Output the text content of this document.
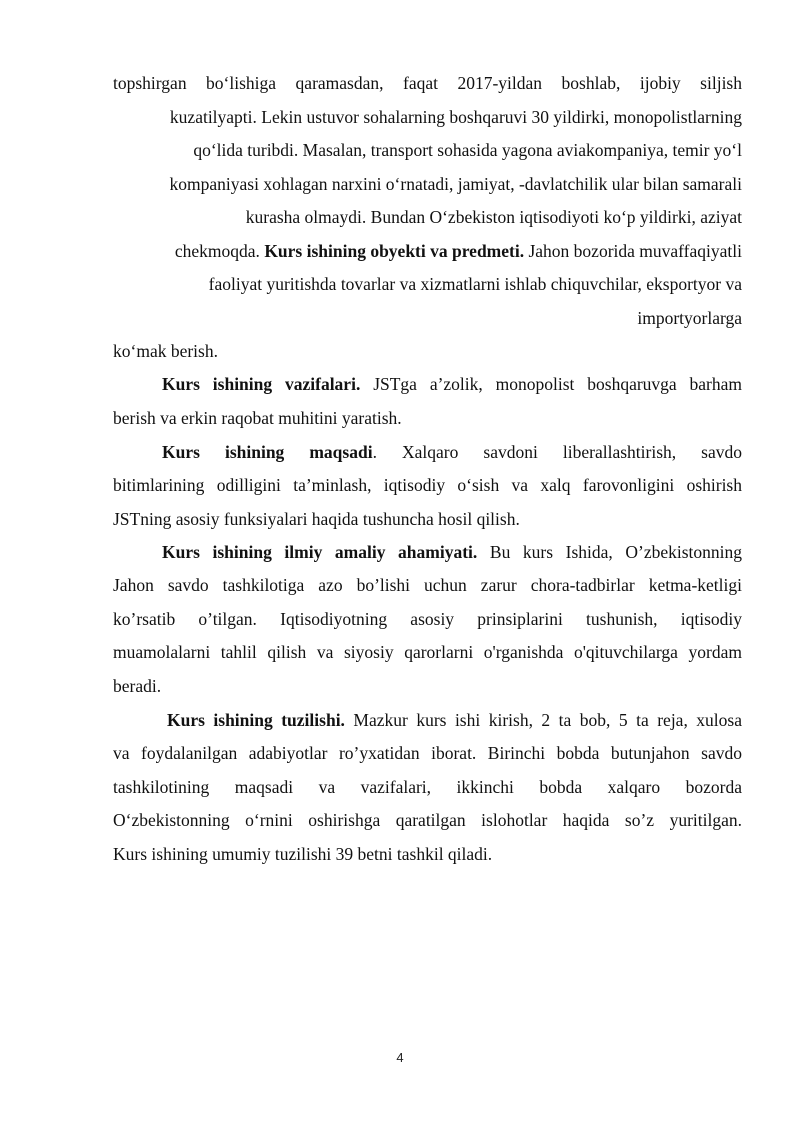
topshirgan bo‘lishiga qaramasdan, faqat 2017-yildan boshlab, ijobiy siljish
kuzatilyapti. Lekin ustuvor sohalarning boshqaruvi 30 yildirki, monopolistlarning
qo‘lida turibdi. Masalan, transport sohasida yagona aviakompaniya, temir yo‘l
kompaniyasi xohlagan narxini o‘rnatadi, jamiyat, -davlatchilik ular bilan samarali
kurasha olmaydi. Bundan O‘zbekiston iqtisodiyoti ko‘p yildirki, aziyat
chekmoqda. Kurs ishining obyekti va predmeti. Jahon bozorida muvaffaqiyatli
faoliyat yuritishda tovarlar va xizmatlarni ishlab chiquvchilar, eksportyor va
importyorlarga
ko‘mak berish.
Kurs ishining vazifalari. JSTga a’zolik, monopolist boshqaruvga barham
berish va erkin raqobat muhitini yaratish.
Kurs ishining maqsadi. Xalqaro savdoni liberallashtirish, savdo
bitimlarining odilligini ta’minlash, iqtisodiy o‘sish va xalq farovonligini oshirish
JSTning asosiy funksiyalari haqida tushuncha hosil qilish.
Kurs ishining ilmiy amaliy ahamiyati. Bu kurs Ishida, O’zbekistonning
Jahon savdo tashkilotiga azo bo’lishi uchun zarur chora-tadbirlar ketma-ketligi
ko’rsatib o’tilgan. Iqtisodiyotning asosiy prinsiplarini tushunish, iqtisodiy
muamolalarni tahlil qilish va siyosiy qarorlarni o'rganishda o'qituvchilarga yordam
beradi.
Kurs ishining tuzilishi. Mazkur kurs ishi kirish, 2 ta bob, 5 ta reja, xulosa
va foydalanilgan adabiyotlar ro’yxatidan iborat. Birinchi bobda butunjahon savdo
tashkilotining maqsadi va vazifalari, ikkinchi bobda xalqaro bozorda
O‘zbekistonning o‘rnini oshirishga qaratilgan islohotlar haqida so’z yuritilgan.
Kurs ishining umumiy tuzilishi 39 betni tashkil qiladi.
4
